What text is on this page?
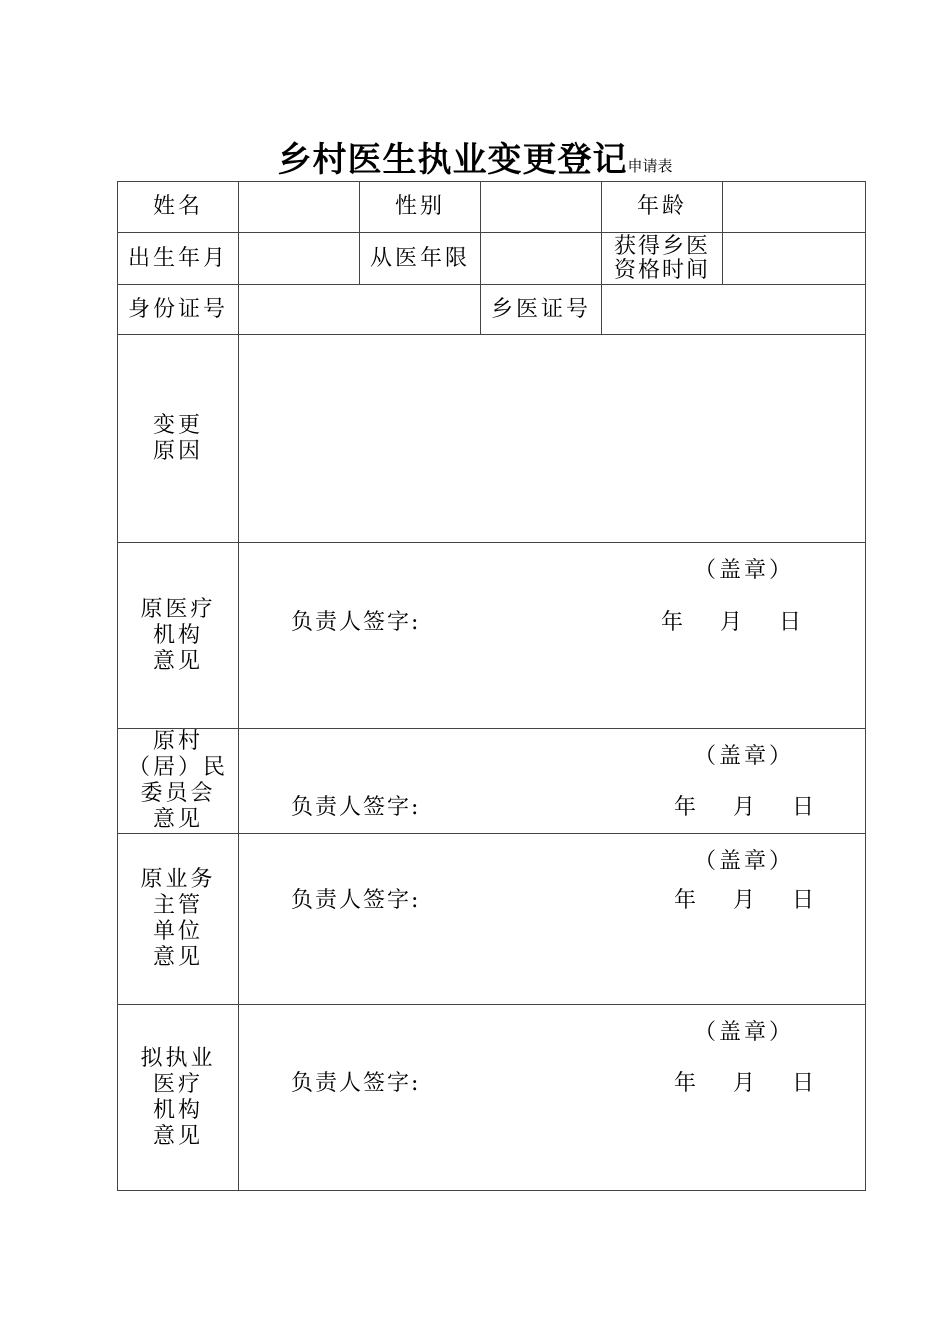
乡村医生执业变更登记申请表
姓名		性别		年龄	
出生年月		从医年限		获得乡医
资格时间	
身份证号			乡医证号		
变更
原因					
原医疗
机构
意见	（盖章）
负责人签字: 年 月 日				

原村
（居）民
委员会
意见	（盖章）
负责人签字: 年 月 日				

原业务
主管
单位
意见	（盖章）
负责人签字: 年 月 日				

拟执业
医疗
机构
意见	（盖章）
负责人签字: 年 月 日				
